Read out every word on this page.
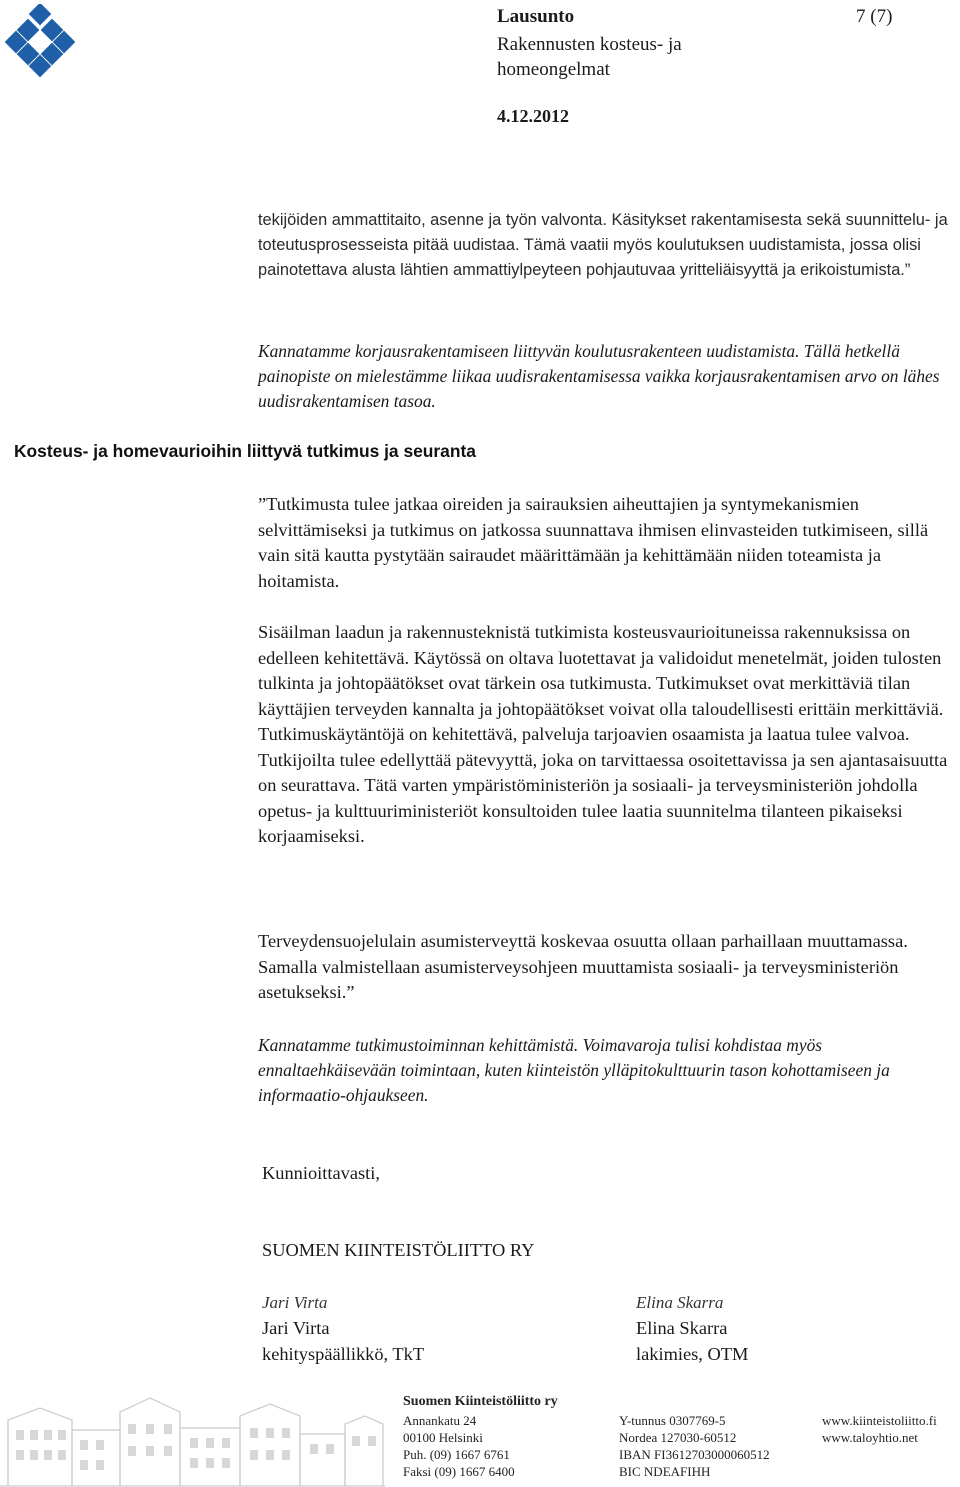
Lausunto	7 (7)
Rakennusten kosteus- ja homeongelmat
4.12.2012

tekijöiden ammattitaito, asenne ja työn valvonta. Käsitykset rakentamisesta sekä suunnittelu- ja toteutusprosesseista pitää uudistaa. Tämä vaatii myös koulutuksen uudistamista, jossa olisi painotettava alusta lähtien ammattiylpeyteen pohjautuvaa yritteliäisyyttä ja erikoistumista.”

Kannatamme korjausrakentamiseen liittyvän koulutusrakenteen uudistamista. Tällä hetkellä painopiste on mielestämme liikaa uudisrakentamisessa vaikka korjausrakentamisen arvo on lähes uudisrakentamisen tasoa.

Kosteus- ja homevaurioihin liittyvä tutkimus ja seuranta

”Tutkimusta tulee jatkaa oireiden ja sairauksien aiheuttajien ja syntymekanismien selvittämiseksi ja tutkimus on jatkossa suunnattava ihmisen elinvasteiden tutkimiseen, sillä vain sitä kautta pystytään sairaudet määrittämään ja kehittämään niiden toteamista ja hoitamista.

Sisäilman laadun ja rakennusteknistä tutkimista kosteusvaurioituneissa rakennuksissa on edelleen kehitettävä. Käytössä on oltava luotettavat ja validoidut menetelmät, joiden tulosten tulkinta ja johtopäätökset ovat tärkein osa tutkimusta. Tutkimukset ovat merkittäviä tilan käyttäjien terveyden kannalta ja johtopäätökset voivat olla taloudellisesti erittäin merkittäviä. Tutkimuskäytäntöjä on kehitettävä, palveluja tarjoavien osaamista ja laatua tulee valvoa. Tutkijoilta tulee edellyttää pätevyyttä, joka on tarvittaessa osoitettavissa ja sen ajantasaisuutta on seurattava. Tätä varten ympäristöministeriön ja sosiaali- ja terveysministeriön johdolla opetus- ja kulttuuriministeriöt konsultoiden tulee laatia suunnitelma tilanteen pikaiseksi korjaamiseksi.

Terveydensuojelulain asumisterveyttä koskevaa osuutta ollaan parhaillaan muuttamassa. Samalla valmistellaan asumisterveysohjeen muuttamista sosiaali- ja terveysministeriön asetukseksi.”

Kannatamme tutkimustoiminnan kehittämistä. Voimavaroja tulisi kohdistaa myös ennaltaehkäisevään toimintaan, kuten kiinteistön ylläpitokulttuurin tason kohottamiseen ja informaatio-ohjaukseen.

Kunnioittavasti,
SUOMEN KIINTEISTÖLIITTO RY
Jari Virta
Jari Virta
kehityspäällikkö, TkT
Elina Skarra
Elina Skarra
lakimies, OTM
Suomen Kiinteistöliitto ry
Annankatu 24
00100 Helsinki
Puh. (09) 1667 6761
Faksi (09) 1667 6400
Y-tunnus 0307769-5
Nordea 127030-60512
IBAN FI3612703000060512
BIC NDEAFIHH
www.kiinteistoliitto.fi
www.taloyhtio.net
